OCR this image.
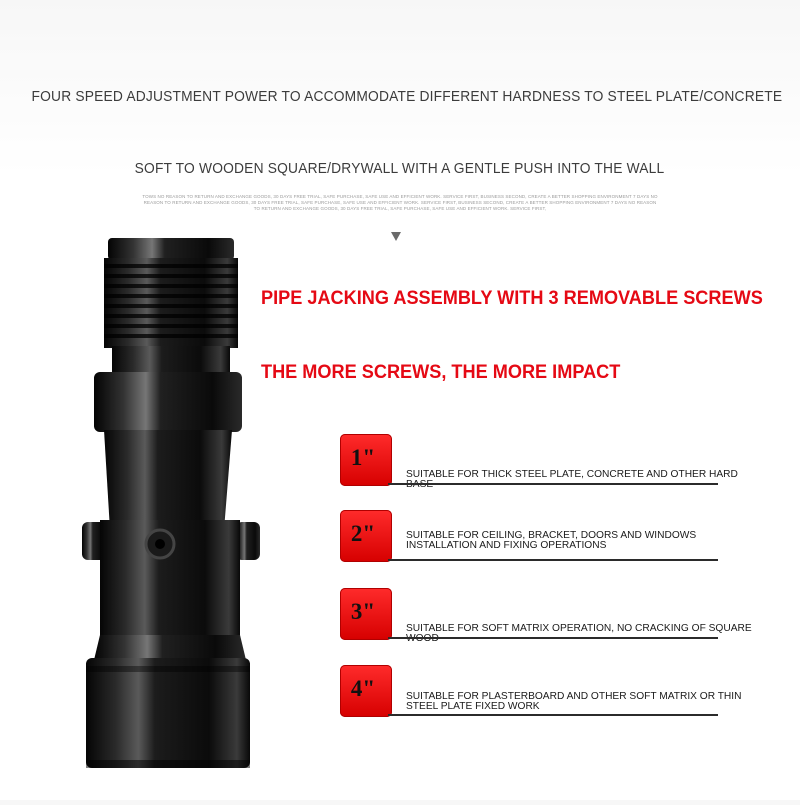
FOUR SPEED ADJUSTMENT POWER TO ACCOMMODATE DIFFERENT HARDNESS TO STEEL PLATE/CONCRETE
SOFT TO WOODEN SQUARE/DRYWALL WITH A GENTLE PUSH INTO THE WALL
TOWS NO REASON TO RETURN AND EXCHANGE GOODS, 30 DAYS FREE TRIAL, SAFE PURCHASE, SAFE USE AND EFFICIENT WORK. SERVICE FIRST, BUSINESS SECOND, CREATE A BETTER SHOPPING ENVIRONMENT 7 DAYS NO REASON TO RETURN AND EXCHANGE GOODS, 30 DAYS FREE TRIAL, SAFE PURCHASE, SAFE USE AND EFFICIENT WORK. SERVICE FIRST, BUSINESS SECOND, CREATE A BETTER SHOPPING ENVIRONMENT 7 DAYS NO REASON TO RETURN AND EXCHANGE GOODS, 30 DAYS FREE TRIAL, SAFE PURCHASE, SAFE USE AND EFFICIENT WORK. SERVICE FIRST,
PIPE JACKING ASSEMBLY WITH 3 REMOVABLE SCREWS
THE MORE SCREWS, THE MORE IMPACT
1"
SUITABLE FOR THICK STEEL PLATE, CONCRETE AND OTHER HARD
2"	SUITABLE FOR CEILING, BRACKET, DOORS AND WINDOWS INSTALLATION AND FIXING OPERATIONS
3"
SUITABLE FOR SOFT MATRIX OPERATION, NO CRACKING OF SQUARE
4"	SUITABLE FOR PLASTERBOARD AND OTHER SOFT MATRIX OR THIN STEEL PLATE FIXED WORK
